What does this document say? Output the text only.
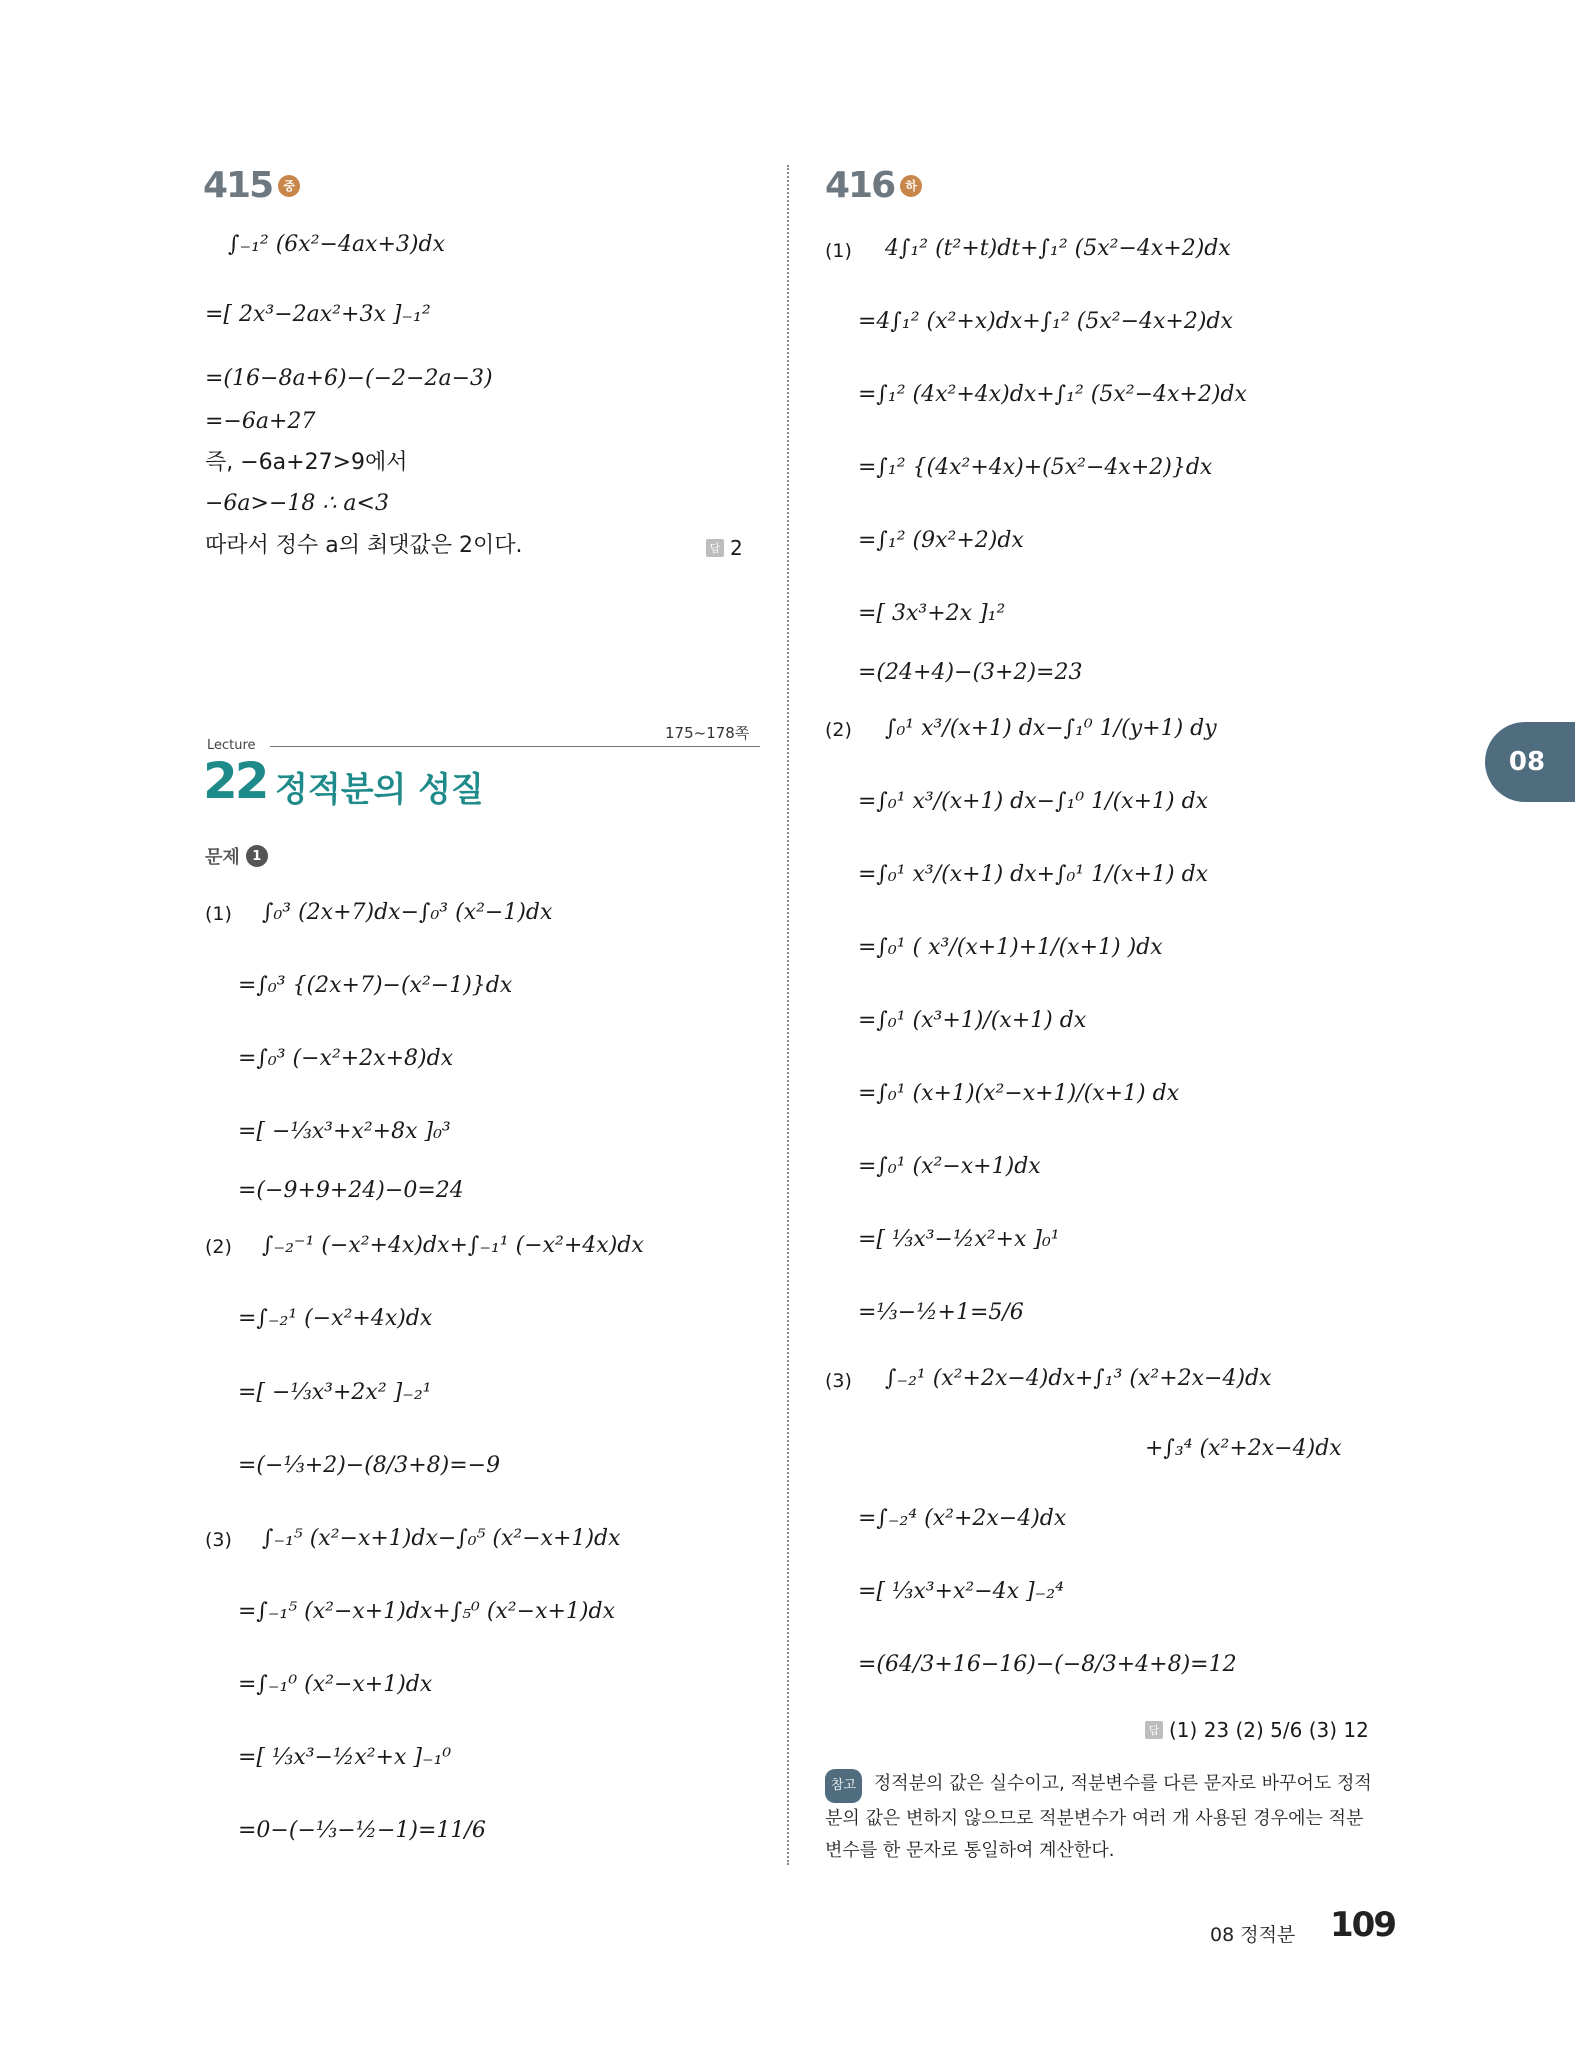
415 중
∫₋₁² (6x²−4ax+3)dx
=[ 2x³−2ax²+3x ]₋₁²
=(16−8a+6)−(−2−2a−3)
=−6a+27
즉, −6a+27>9에서
−6a>−18 ∴ a<3
따라서 정수 a의 최댓값은 2이다.	답 2
Lecture
175~178쪽
22 정적분의 성질
문제 1
(1) ∫₀³ (2x+7)dx−∫₀³ (x²−1)dx
=∫₀³ {(2x+7)−(x²−1)}dx
=∫₀³ (−x²+2x+8)dx
=[ −⅓x³+x²+8x ]₀³
=(−9+9+24)−0=24
(2) ∫₋₂⁻¹ (−x²+4x)dx+∫₋₁¹ (−x²+4x)dx
=∫₋₂¹ (−x²+4x)dx
=[ −⅓x³+2x² ]₋₂¹
=(−⅓+2)−(8/3+8)=−9
(3) ∫₋₁⁵ (x²−x+1)dx−∫₀⁵ (x²−x+1)dx
=∫₋₁⁵ (x²−x+1)dx+∫₅⁰ (x²−x+1)dx
=∫₋₁⁰ (x²−x+1)dx
=[ ⅓x³−½x²+x ]₋₁⁰
=0−(−⅓−½−1)=11/6
416 하
(1) 4∫₁² (t²+t)dt+∫₁² (5x²−4x+2)dx
=4∫₁² (x²+x)dx+∫₁² (5x²−4x+2)dx
=∫₁² (4x²+4x)dx+∫₁² (5x²−4x+2)dx
=∫₁² {(4x²+4x)+(5x²−4x+2)}dx
=∫₁² (9x²+2)dx
=[ 3x³+2x ]₁²
=(24+4)−(3+2)=23
(2) ∫₀¹ x³/(x+1) dx−∫₁⁰ 1/(y+1) dy
=∫₀¹ x³/(x+1) dx−∫₁⁰ 1/(x+1) dx
=∫₀¹ x³/(x+1) dx+∫₀¹ 1/(x+1) dx
=∫₀¹ ( x³/(x+1)+1/(x+1) )dx
=∫₀¹ (x³+1)/(x+1) dx
=∫₀¹ (x+1)(x²−x+1)/(x+1) dx
=∫₀¹ (x²−x+1)dx
=[ ⅓x³−½x²+x ]₀¹
=⅓−½+1=5/6
(3) ∫₋₂¹ (x²+2x−4)dx+∫₁³ (x²+2x−4)dx
+∫₃⁴ (x²+2x−4)dx
=∫₋₂⁴ (x²+2x−4)dx
=[ ⅓x³+x²−4x ]₋₂⁴
=(64/3+16−16)−(−8/3+4+8)=12
답 (1) 23 (2) 5/6 (3) 12
참고 정적분의 값은 실수이고, 적분변수를 다른 문자로 바꾸어도 정적분의 값은 변하지 않으므로 적분변수가 여러 개 사용된 경우에는 적분변수를 한 문자로 통일하여 계산한다.
08
08 정적분 109
